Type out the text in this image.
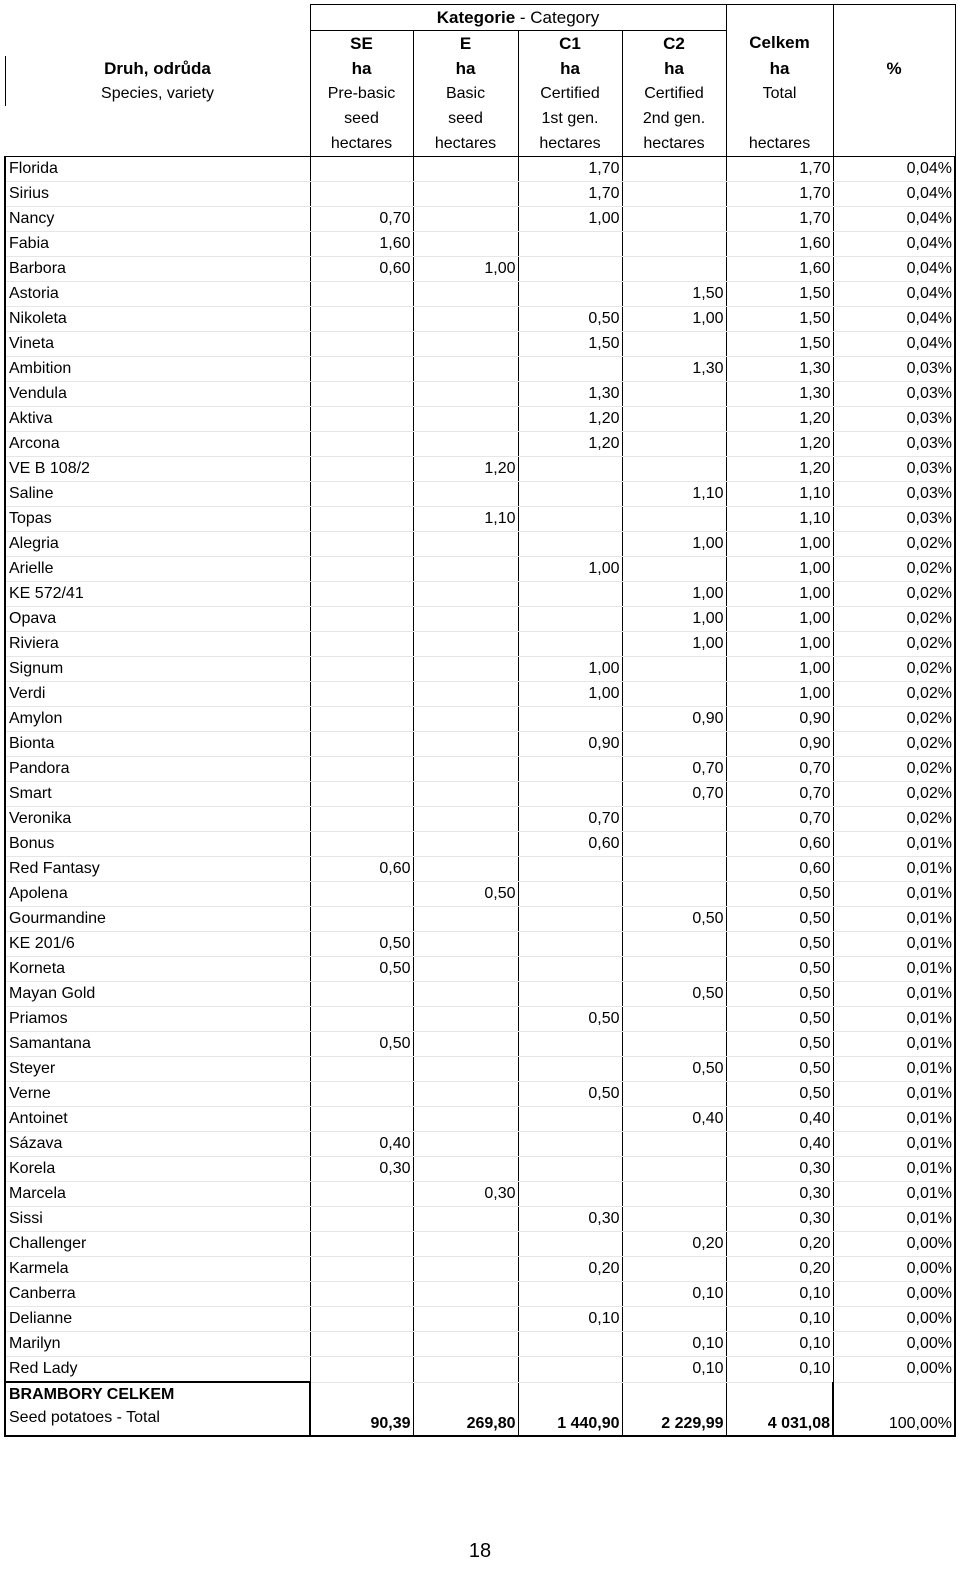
	Kategorie - Category					
	SE	E	C1	C2	Celkem	
Druh, odrůda	ha	ha	ha	ha	ha	%
Species, variety	Pre-basic	Basic	Certified	Certified	Total	
	seed	seed	1st gen.	2nd gen.		
	hectares	hectares	hectares	hectares	hectares	
Florida			1,70		1,70	0,04%
Sirius			1,70		1,70	0,04%
Nancy	0,70		1,00		1,70	0,04%
Fabia	1,60				1,60	0,04%
Barbora	0,60	1,00			1,60	0,04%
Astoria				1,50	1,50	0,04%
Nikoleta			0,50	1,00	1,50	0,04%
Vineta			1,50		1,50	0,04%
Ambition				1,30	1,30	0,03%
Vendula			1,30		1,30	0,03%
Aktiva			1,20		1,20	0,03%
Arcona			1,20		1,20	0,03%
VE B 108/2		1,20			1,20	0,03%
Saline				1,10	1,10	0,03%
Topas		1,10			1,10	0,03%
Alegria				1,00	1,00	0,02%
Arielle			1,00		1,00	0,02%
KE 572/41				1,00	1,00	0,02%
Opava				1,00	1,00	0,02%
Riviera				1,00	1,00	0,02%
Signum			1,00		1,00	0,02%
Verdi			1,00		1,00	0,02%
Amylon				0,90	0,90	0,02%
Bionta			0,90		0,90	0,02%
Pandora				0,70	0,70	0,02%
Smart				0,70	0,70	0,02%
Veronika			0,70		0,70	0,02%
Bonus			0,60		0,60	0,01%
Red Fantasy	0,60				0,60	0,01%
Apolena		0,50			0,50	0,01%
Gourmandine				0,50	0,50	0,01%
KE 201/6	0,50				0,50	0,01%
Korneta	0,50				0,50	0,01%
Mayan Gold				0,50	0,50	0,01%
Priamos			0,50		0,50	0,01%
Samantana	0,50				0,50	0,01%
Steyer				0,50	0,50	0,01%
Verne			0,50		0,50	0,01%
Antoinet				0,40	0,40	0,01%
Sázava	0,40				0,40	0,01%
Korela	0,30				0,30	0,01%
Marcela		0,30			0,30	0,01%
Sissi			0,30		0,30	0,01%
Challenger				0,20	0,20	0,00%
Karmela			0,20		0,20	0,00%
Canberra				0,10	0,10	0,00%
Delianne			0,10		0,10	0,00%
Marilyn				0,10	0,10	0,00%
Red Lady				0,10	0,10	0,00%
BRAMBORY CELKEM						
Seed potatoes - Total	90,39	269,80	1 440,90	2 229,99	4 031,08	100,00%
18
